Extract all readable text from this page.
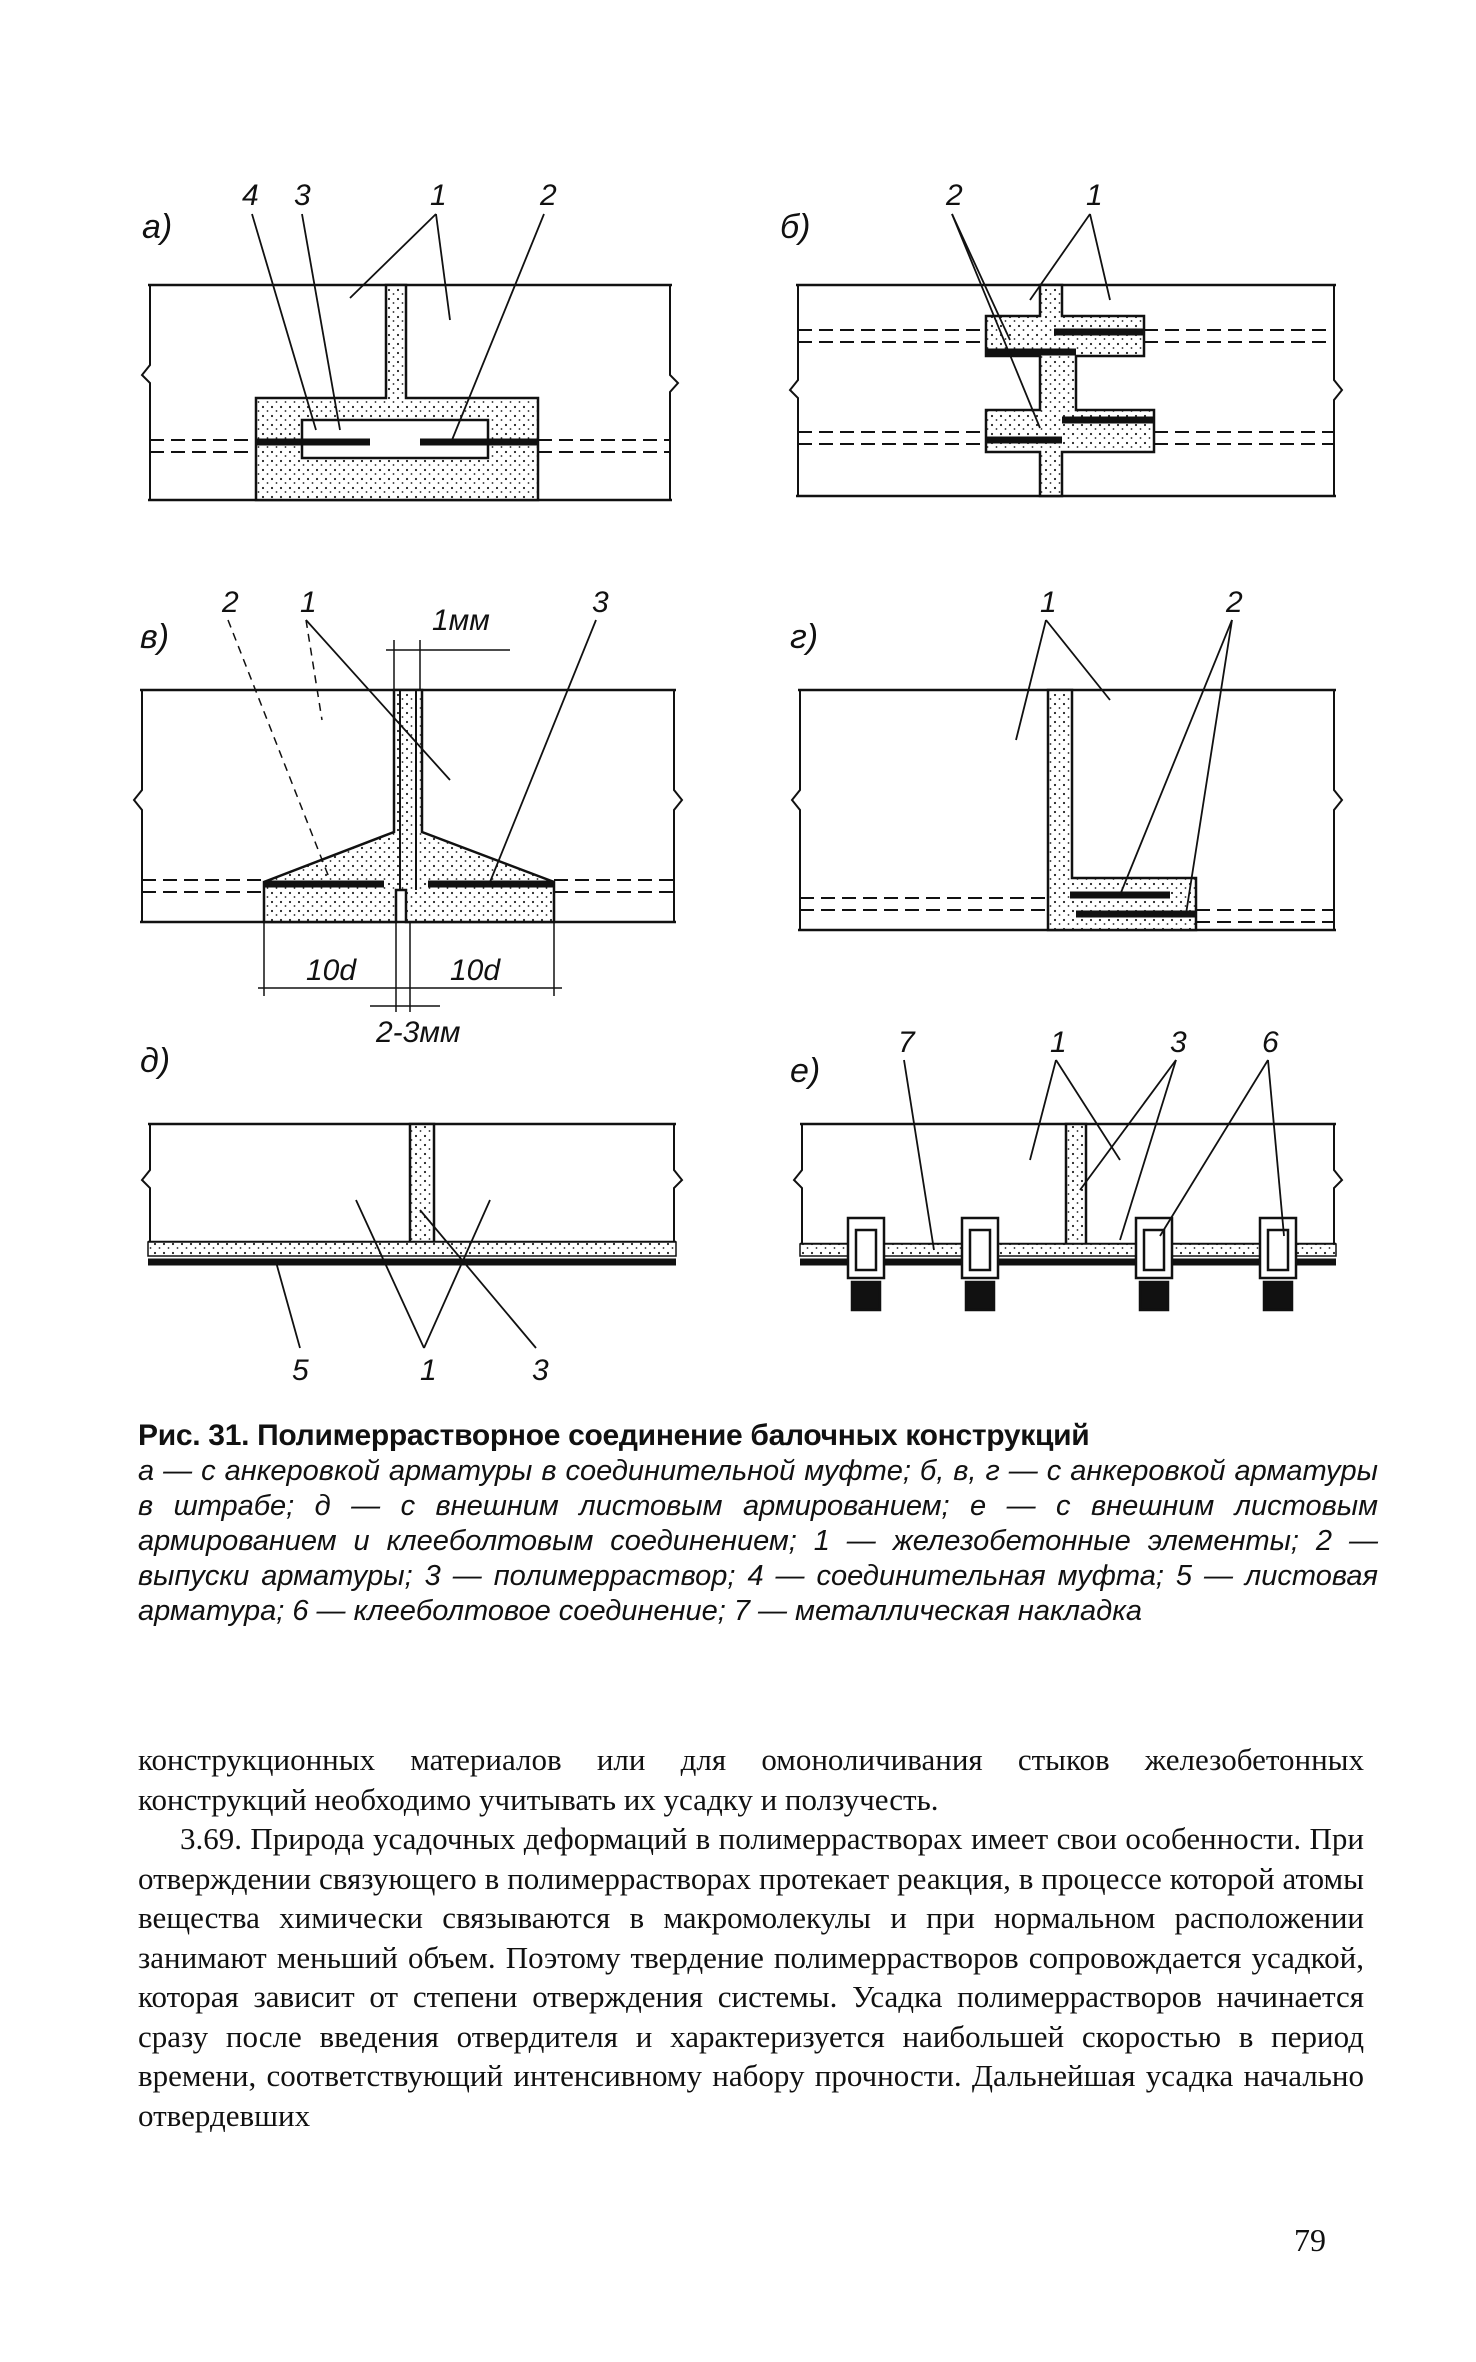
а)
4 3	1	2
б)
2	1
в)
2 1
1мм
3
10d	10d
2-3мм
г)
1	2
д)
5	1	3
е)
7	1	3	6
Рис. 31. Полимеррастворное соединение балочных конструкций
а — с анкеровкой арматуры в соединительной муфте; б, в, г — с анкеровкой арматуры в штрабе; д — с внешним листовым армированием; е — с внешним листовым армированием и клееболтовым соединением; 1 — железобетонные элементы; 2 — выпуски арматуры; 3 — полимерраствор; 4 — соединительная муфта; 5 — листовая арматура; 6 — клееболтовое соединение; 7 — металлическая накладка

конструкционных материалов или для омоноличивания стыков железобетонных конструкций необходимо учитывать их усадку и ползучесть.

3.69. Природа усадочных деформаций в полимеррастворах имеет свои особенности. При отверждении связующего в полимеррастворах протекает реакция, в процессе которой атомы вещества химически связываются в макромолекулы и при нормальном расположении занимают меньший объем. Поэтому твердение полимеррастворов сопровождается усадкой, которая зависит от степени отверждения системы. Усадка полимеррастворов начинается сразу после введения отвердителя и характеризуется наибольшей скоростью в период времени, соответствующий интенсивному набору прочности. Дальнейшая усадка начально отвердевших

79
